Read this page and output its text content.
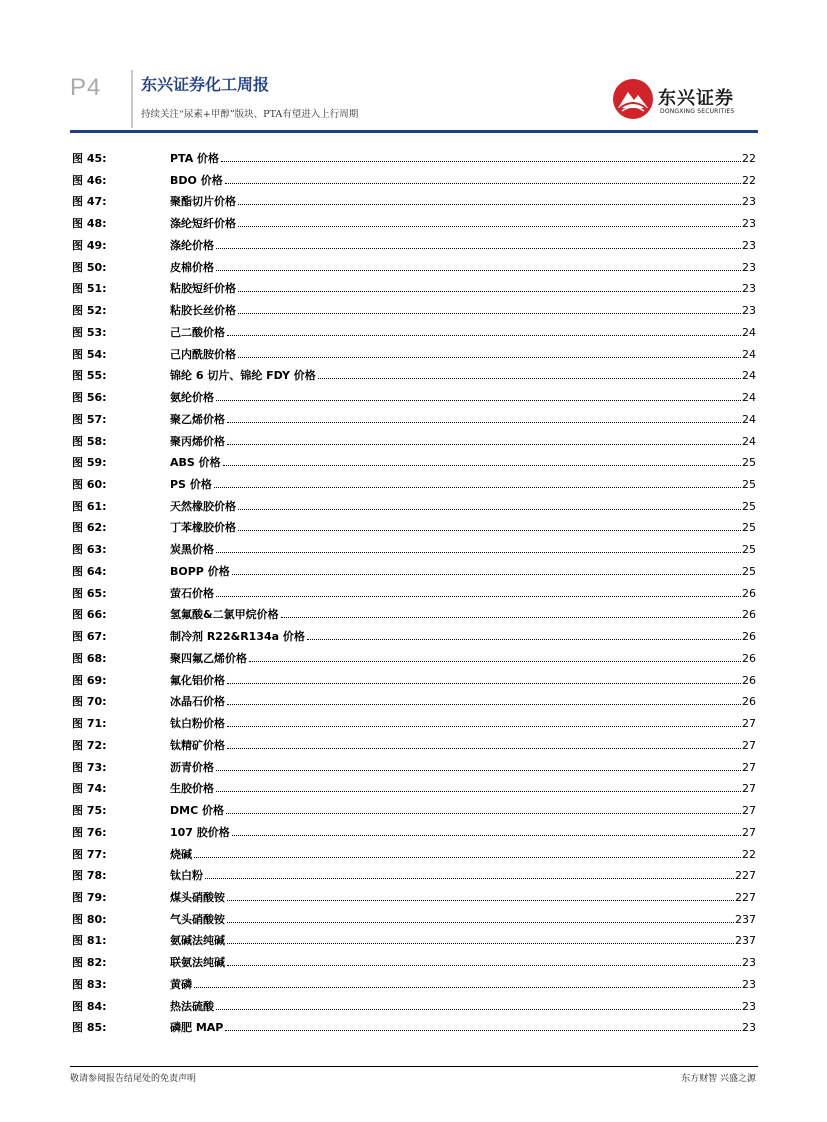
P4 东兴证券化工周报
持续关注“尿素+甲醇”版块、PTA有望进入上行周期
东兴证券
DONGXING SECURITIES
图 45:	PTA 价格	22
图 46:	BDO 价格	22
图 47:	聚酯切片价格	23
图 48:	涤纶短纤价格	23
图 49:	涤纶价格	23
图 50:	皮棉价格	23
图 51:	粘胶短纤价格	23
图 52:	粘胶长丝价格	23
图 53:	己二酸价格	24
图 54:	己内酰胺价格	24
图 55:	锦纶 6 切片、锦纶 FDY 价格	24
图 56:	氨纶价格	24
图 57:	聚乙烯价格	24
图 58:	聚丙烯价格	24
图 59:	ABS 价格	25
图 60:	PS 价格	25
图 61:	天然橡胶价格	25
图 62:	丁苯橡胶价格	25
图 63:	炭黑价格	25
图 64:	BOPP 价格	25
图 65:	萤石价格	26
图 66:	氢氟酸&二氯甲烷价格	26
图 67:	制冷剂 R22&R134a 价格	26
图 68:	聚四氟乙烯价格	26
图 69:	氟化铝价格	26
图 70:	冰晶石价格	26
图 71:	钛白粉价格	27
图 72:	钛精矿价格	27
图 73:	沥青价格	27
图 74:	生胶价格	27
图 75:	DMC 价格	27
图 76:	107 胶价格	27
图 77:	烧碱	22
图 78:	钛白粉	227
图 79:	煤头硝酸铵	227
图 80:	气头硝酸铵	237
图 81:	氨碱法纯碱	237
图 82:	联氨法纯碱	23
图 83:	黄磷	23
图 84:	热法硫酸	23
图 85:	磷肥 MAP	23
敬请参阅报告结尾处的免责声明	东方财智 兴盛之源
